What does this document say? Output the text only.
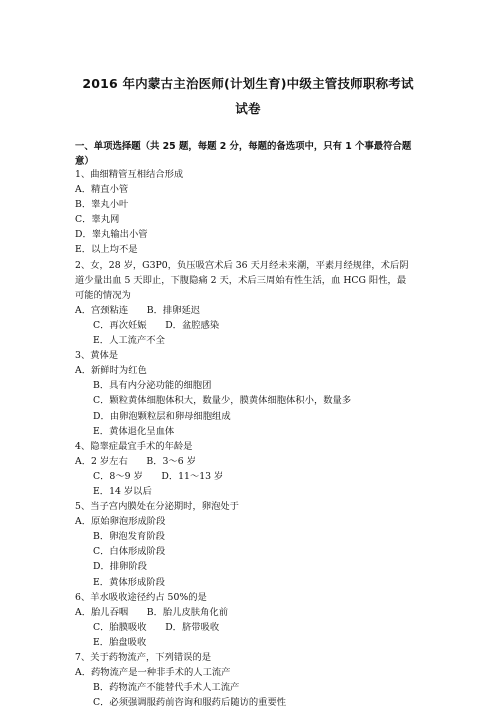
2016 年内蒙古主治医师(计划生育)中级主管技师职称考试
试卷
一、单项选择题（共 25 题，每题 2 分，每题的备选项中，只有 1 个事最符合题意）
1、曲细精管互相结合形成
A．精直小管
B．睾丸小叶
C．睾丸网
D．睾丸输出小管
E．以上均不是
2、女，28 岁，G3P0，负压吸宫术后 36 天月经未来潮，平素月经规律，术后阴
道少量出血 5 天即止，下腹隐痛 2 天，术后三周始有性生活，血 HCG 阳性，最
可能的情况为
A．宫颈粘连　　B．排卵延迟
C．再次妊娠　　D．盆腔感染
E．人工流产不全
3、黄体是
A．新鲜时为红色
B．具有内分泌功能的细胞团
C．颗粒黄体细胞体积大，数量少，膜黄体细胞体积小，数量多
D．由卵泡颗粒层和卵母细胞组成
E．黄体退化呈血体
4、隐睾症最宜手术的年龄是
A．2 岁左右　　B．3～6 岁
C．8～9 岁　　D．11～13 岁
E．14 岁以后
5、当子宫内膜处在分泌期时，卵泡处于
A．原始卵泡形成阶段
B．卵泡发育阶段
C．白体形成阶段
D．排卵阶段
E．黄体形成阶段
6、羊水吸收途径约占 50%的是
A．胎儿吞咽　　B．胎儿皮肤角化前
C．胎膜吸收　　D．脐带吸收
E．胎盘吸收
7、关于药物流产，下列错误的是
A．药物流产是一种非手术的人工流产
B．药物流产不能替代手术人工流产
C．必须强调服药前咨询和服药后随访的重要性
